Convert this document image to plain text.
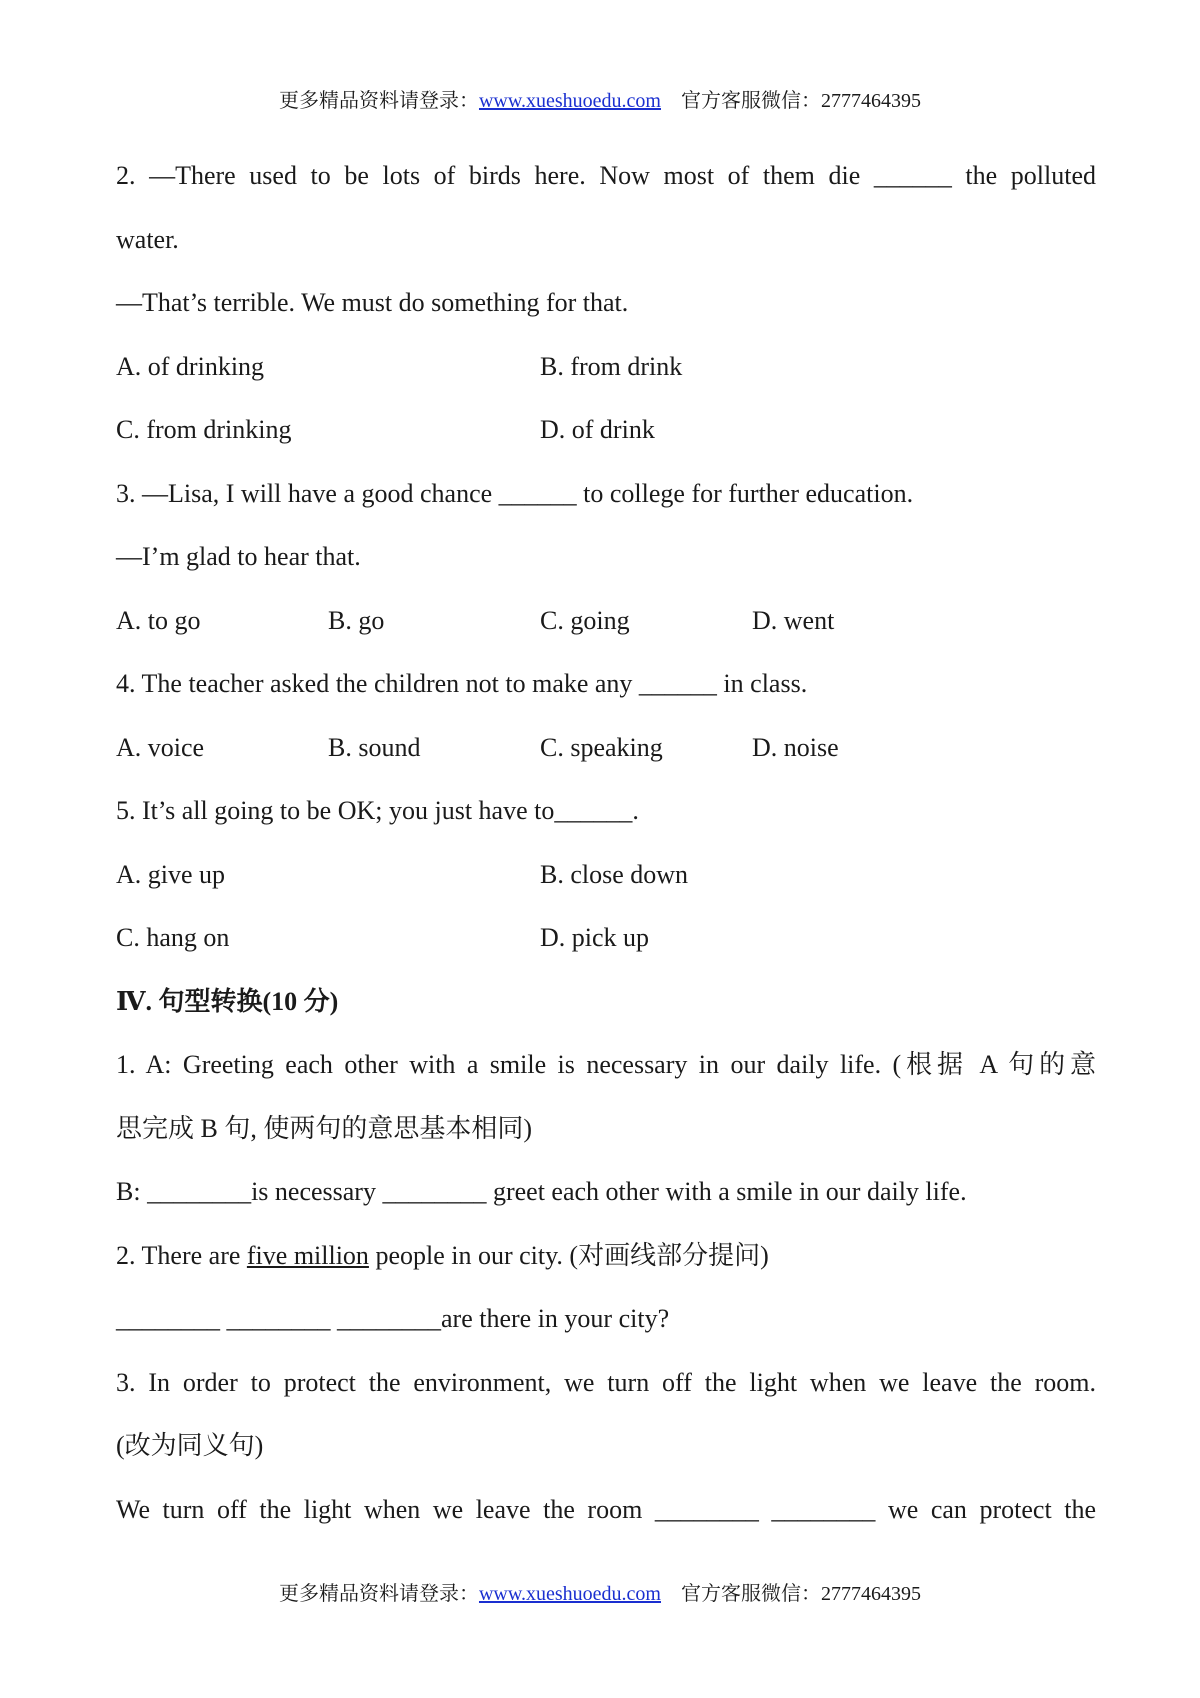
更多精品资料请登录：www.xueshuoedu.com 官方客服微信：2777464395
2. —There used to be lots of birds here. Now most of them die ______ the polluted
water.
—That’s terrible. We must do something for that.
A. of drinking	B. from drink
C. from drinking	D. of drink
3. —Lisa, I will have a good chance ______ to college for further education.
—I’m glad to hear that.
A. to go	B. go	C. going	D. went
4. The teacher asked the children not to make any ______ in class.
A. voice	B. sound	C. speaking	D. noise
5. It’s all going to be OK; you just have to______.
A. give up	B. close down
C. hang on	D. pick up
Ⅳ. 句型转换(10 分)
1. A: Greeting each other with a smile is necessary in our daily life. (根据 A 句的意
思完成 B 句, 使两句的意思基本相同)
B: ________is necessary ________ greet each other with a smile in our daily life.
2. There are five million people in our city. (对画线部分提问)
________ ________ ________are there in your city?
3. In order to protect the environment, we turn off the light when we leave the room.
(改为同义句)
We turn off the light when we leave the room ________ ________ we can protect the
更多精品资料请登录：www.xueshuoedu.com 官方客服微信：2777464395
